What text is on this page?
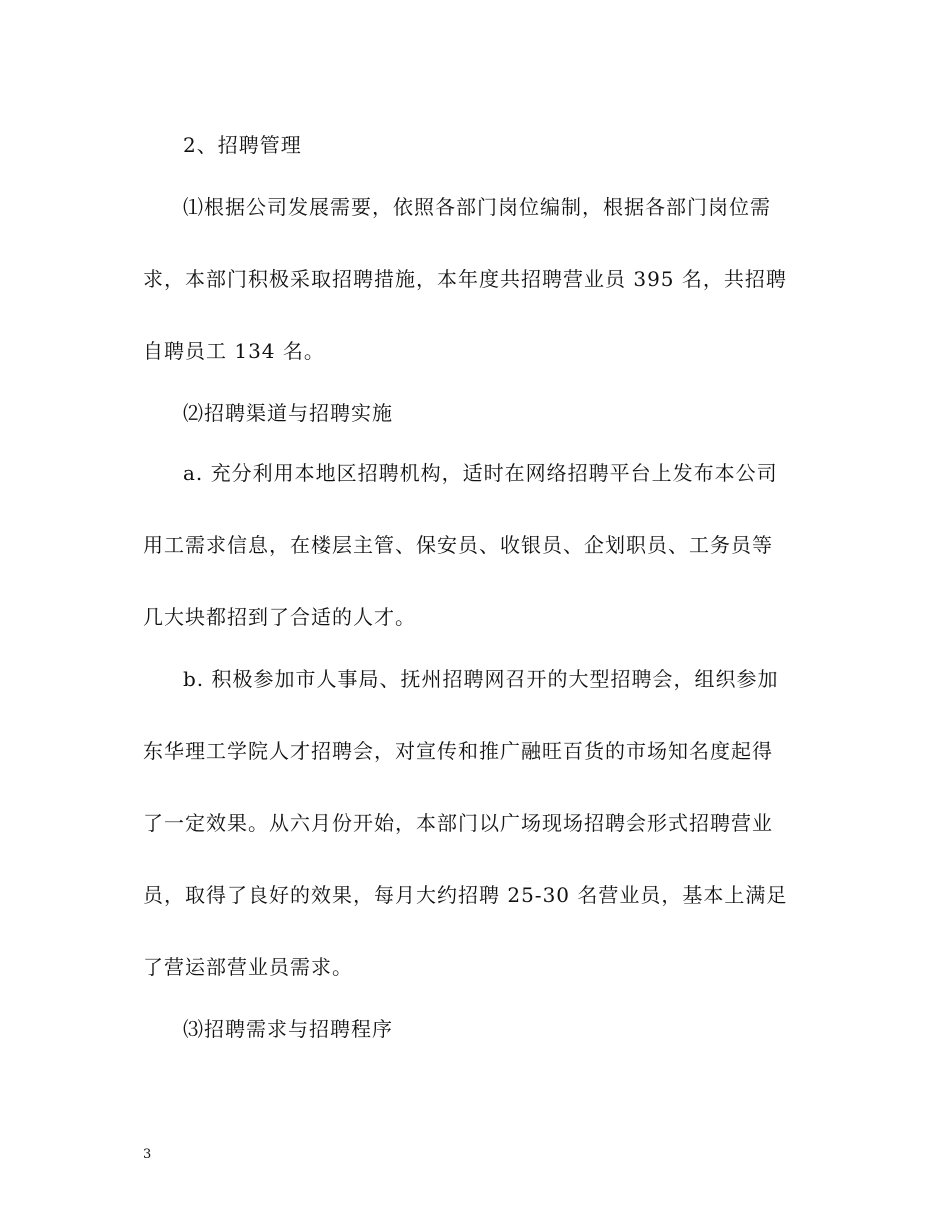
2、招聘管理
⑴根据公司发展需要，依照各部门岗位编制，根据各部门岗位需
求，本部门积极采取招聘措施，本年度共招聘营业员 395 名，共招聘
自聘员工 134 名。
⑵招聘渠道与招聘实施
a. 充分利用本地区招聘机构，适时在网络招聘平台上发布本公司
用工需求信息，在楼层主管、保安员、收银员、企划职员、工务员等
几大块都招到了合适的人才。
b. 积极参加市人事局、抚州招聘网召开的大型招聘会，组织参加
东华理工学院人才招聘会，对宣传和推广融旺百货的市场知名度起得
了一定效果。从六月份开始，本部门以广场现场招聘会形式招聘营业
员，取得了良好的效果，每月大约招聘 25-30 名营业员，基本上满足
了营运部营业员需求。
⑶招聘需求与招聘程序
3
